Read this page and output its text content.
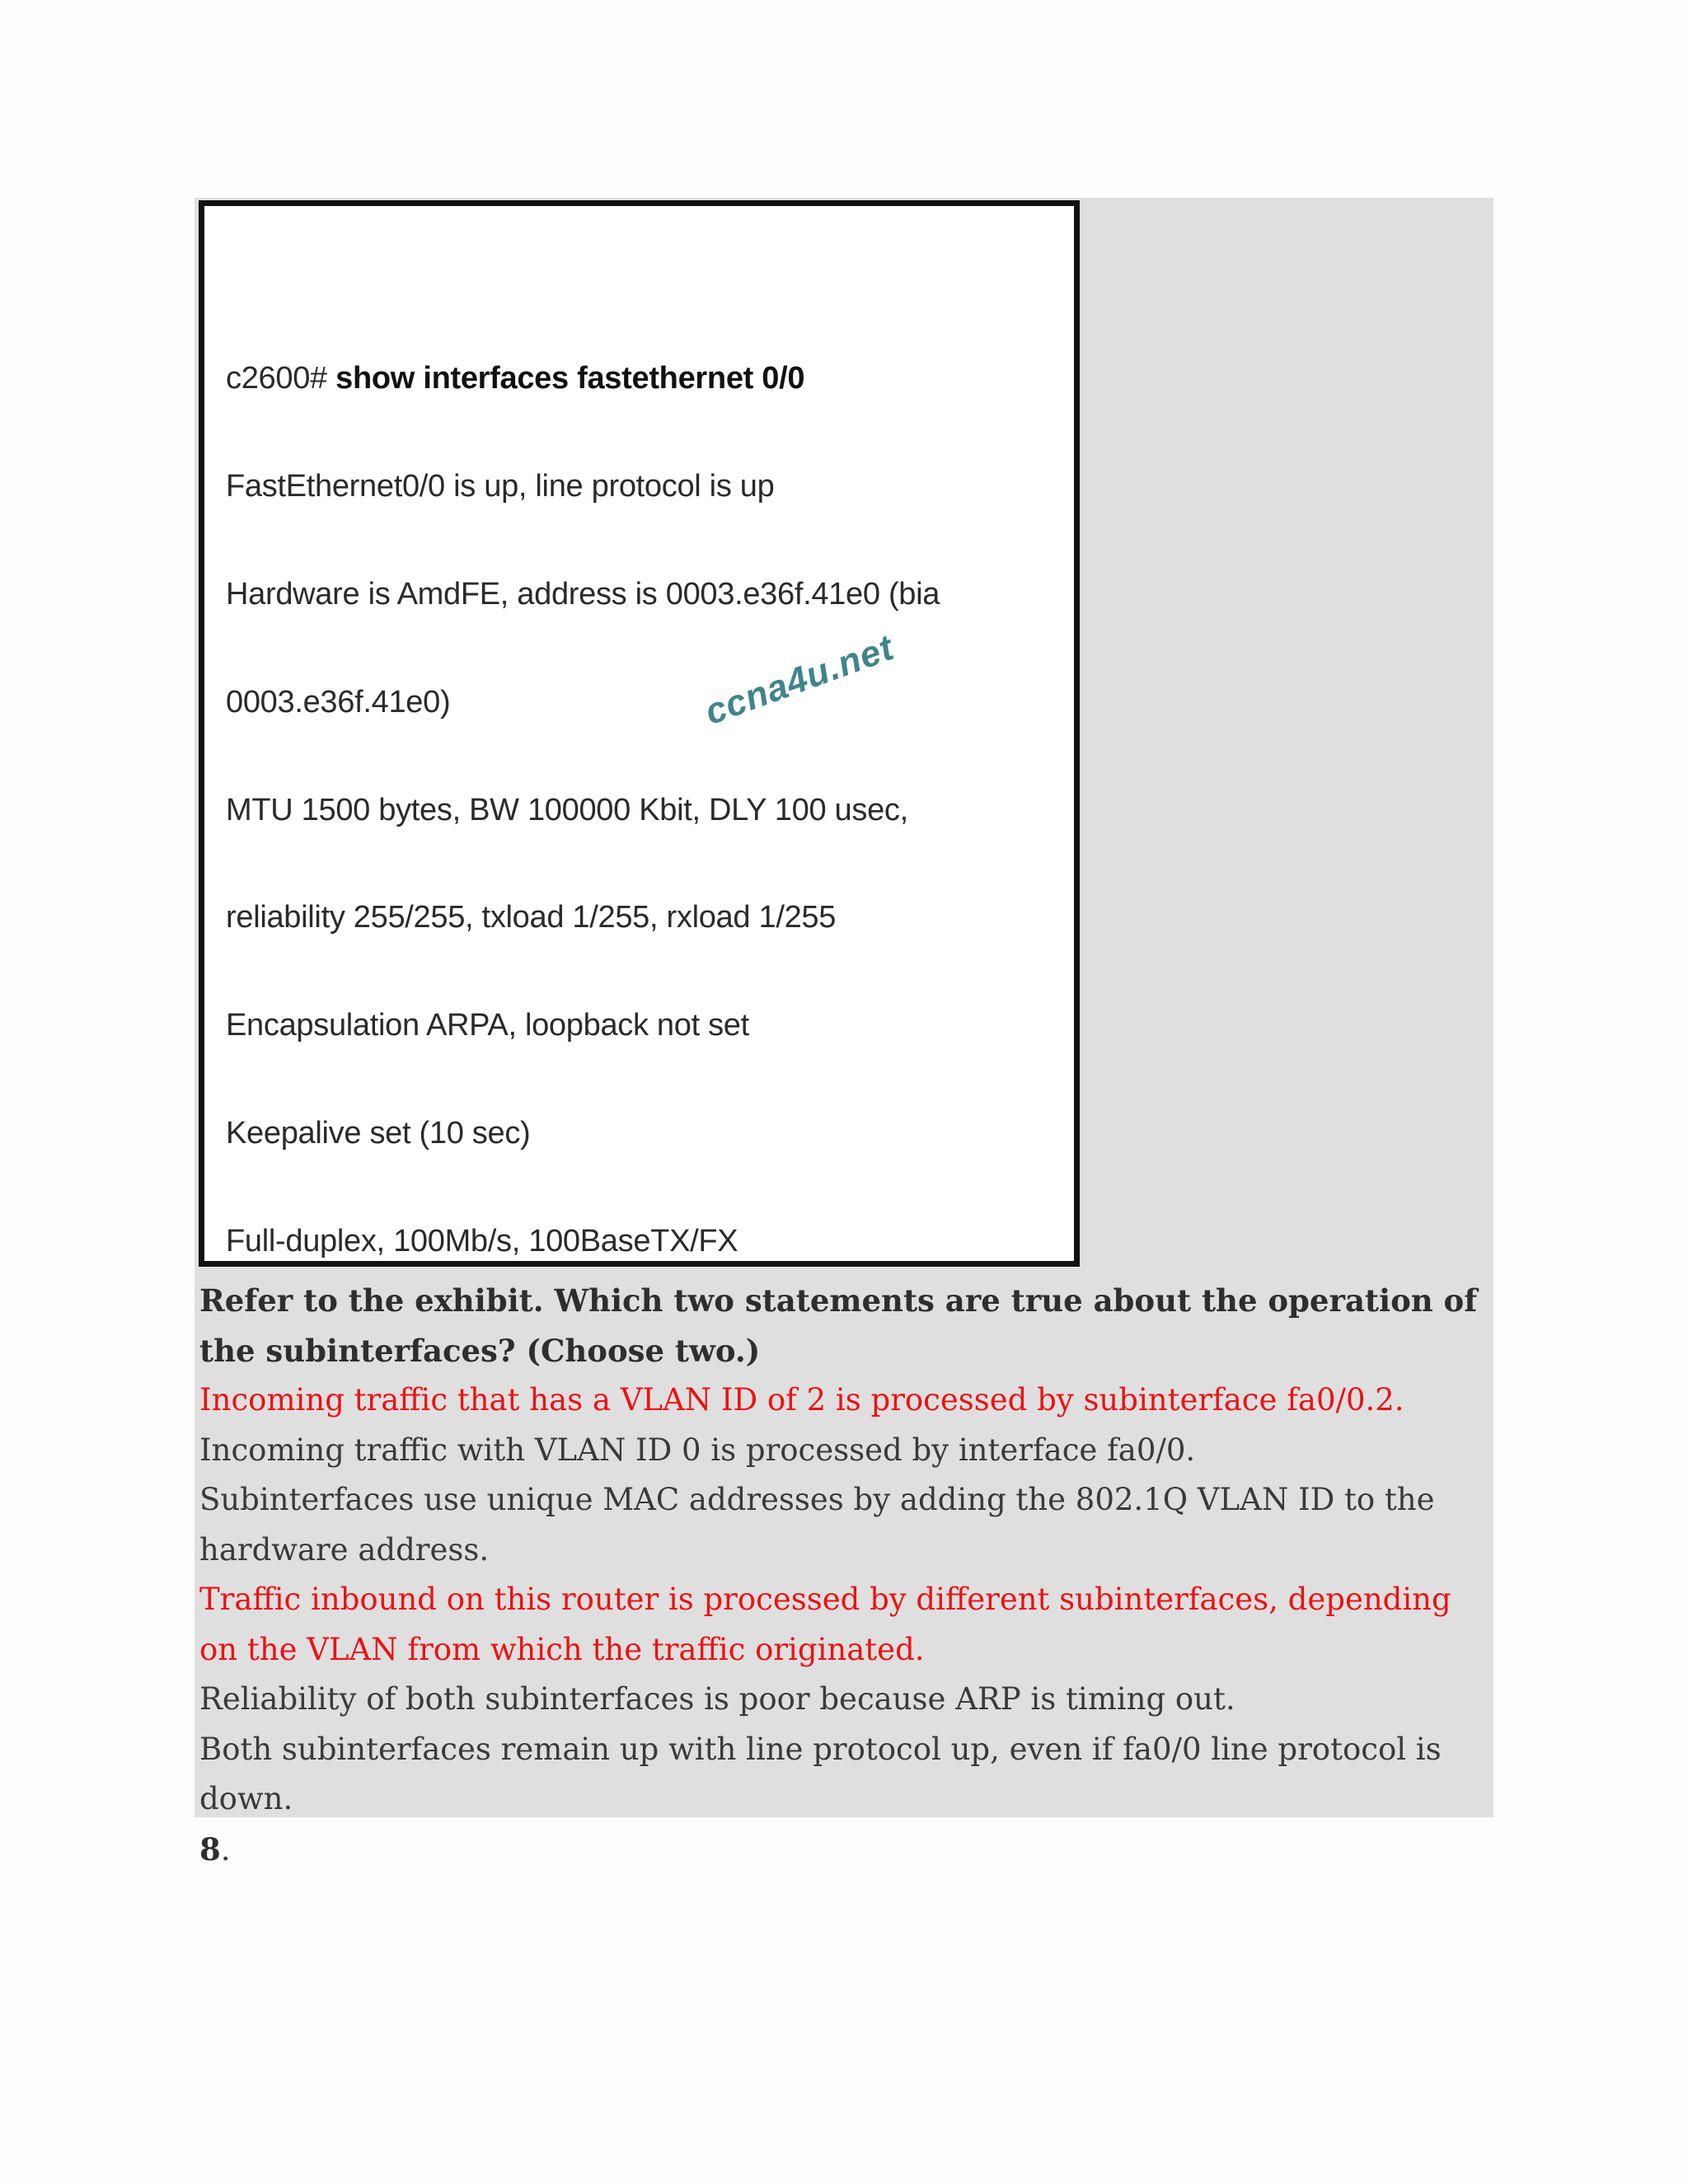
c2600# show interfaces fastethernet 0/0

FastEthernet0/0 is up, line protocol is up

Hardware is AmdFE, address is 0003.e36f.41e0 (bia

0003.e36f.41e0)

MTU 1500 bytes, BW 100000 Kbit, DLY 100 usec,

reliability 255/255, txload 1/255, rxload 1/255

Encapsulation ARPA, loopback not set

Keepalive set (10 sec)

Full-duplex, 100Mb/s, 100BaseTX/FX

ccna4u.net

Refer to the exhibit. Which two statements are true about the operation of the subinterfaces? (Choose two.)

Incoming traffic that has a VLAN ID of 2 is processed by subinterface fa0/0.2.

Incoming traffic with VLAN ID 0 is processed by interface fa0/0.

Subinterfaces use unique MAC addresses by adding the 802.1Q VLAN ID to the hardware address.

Traffic inbound on this router is processed by different subinterfaces, depending on the VLAN from which the traffic originated.

Reliability of both subinterfaces is poor because ARP is timing out.

Both subinterfaces remain up with line protocol up, even if fa0/0 line protocol is down.

8.
